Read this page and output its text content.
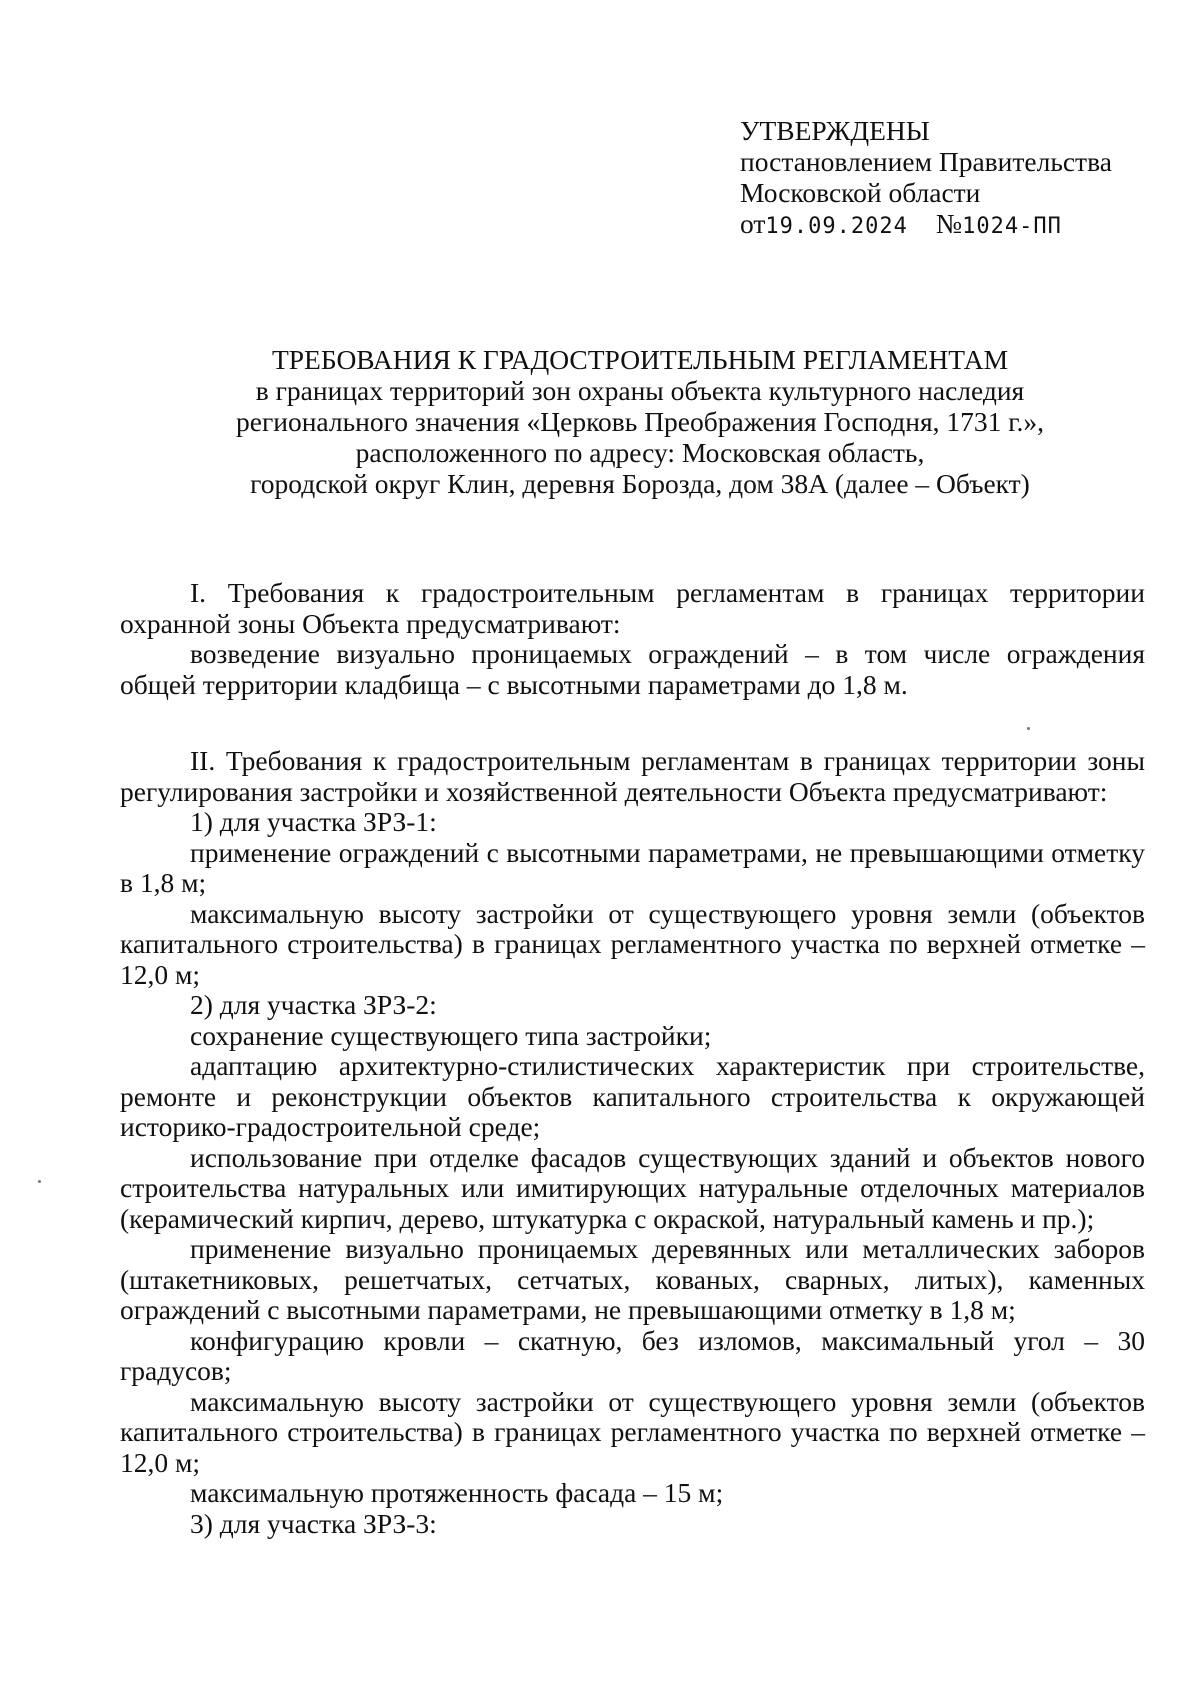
УТВЕРЖДЕНЫ
постановлением Правительства
Московской области
от19.09.2024 №1024-ПП
ТРЕБОВАНИЯ К ГРАДОСТРОИТЕЛЬНЫМ РЕГЛАМЕНТАМ
в границах территорий зон охраны объекта культурного наследия
регионального значения «Церковь Преображения Господня, 1731 г.»,
расположенного по адресу: Московская область,
городской округ Клин, деревня Борозда, дом 38А (далее – Объект)

I. Требования к градостроительным регламентам в границах территории охранной зоны Объекта предусматривают:

возведение визуально проницаемых ограждений – в том числе ограждения общей территории кладбища – с высотными параметрами до 1,8 м.

II. Требования к градостроительным регламентам в границах территории зоны регулирования застройки и хозяйственной деятельности Объекта предусматривают:

1) для участка ЗРЗ-1:

применение ограждений с высотными параметрами, не превышающими отметку в 1,8 м;

максимальную высоту застройки от существующего уровня земли (объектов капитального строительства) в границах регламентного участка по верхней отметке – 12,0 м;

2) для участка ЗРЗ-2:

сохранение существующего типа застройки;

адаптацию архитектурно-стилистических характеристик при строительстве, ремонте и реконструкции объектов капитального строительства к окружающей историко-градостроительной среде;

использование при отделке фасадов существующих зданий и объектов нового строительства натуральных или имитирующих натуральные отделочных материалов (керамический кирпич, дерево, штукатурка с окраской, натуральный камень и пр.);

применение визуально проницаемых деревянных или металлических заборов (штакетниковых, решетчатых, сетчатых, кованых, сварных, литых), каменных ограждений с высотными параметрами, не превышающими отметку в 1,8 м;

конфигурацию кровли – скатную, без изломов, максимальный угол – 30 градусов;

максимальную высоту застройки от существующего уровня земли (объектов капитального строительства) в границах регламентного участка по верхней отметке – 12,0 м;

максимальную протяженность фасада – 15 м;

3) для участка ЗРЗ-3:
